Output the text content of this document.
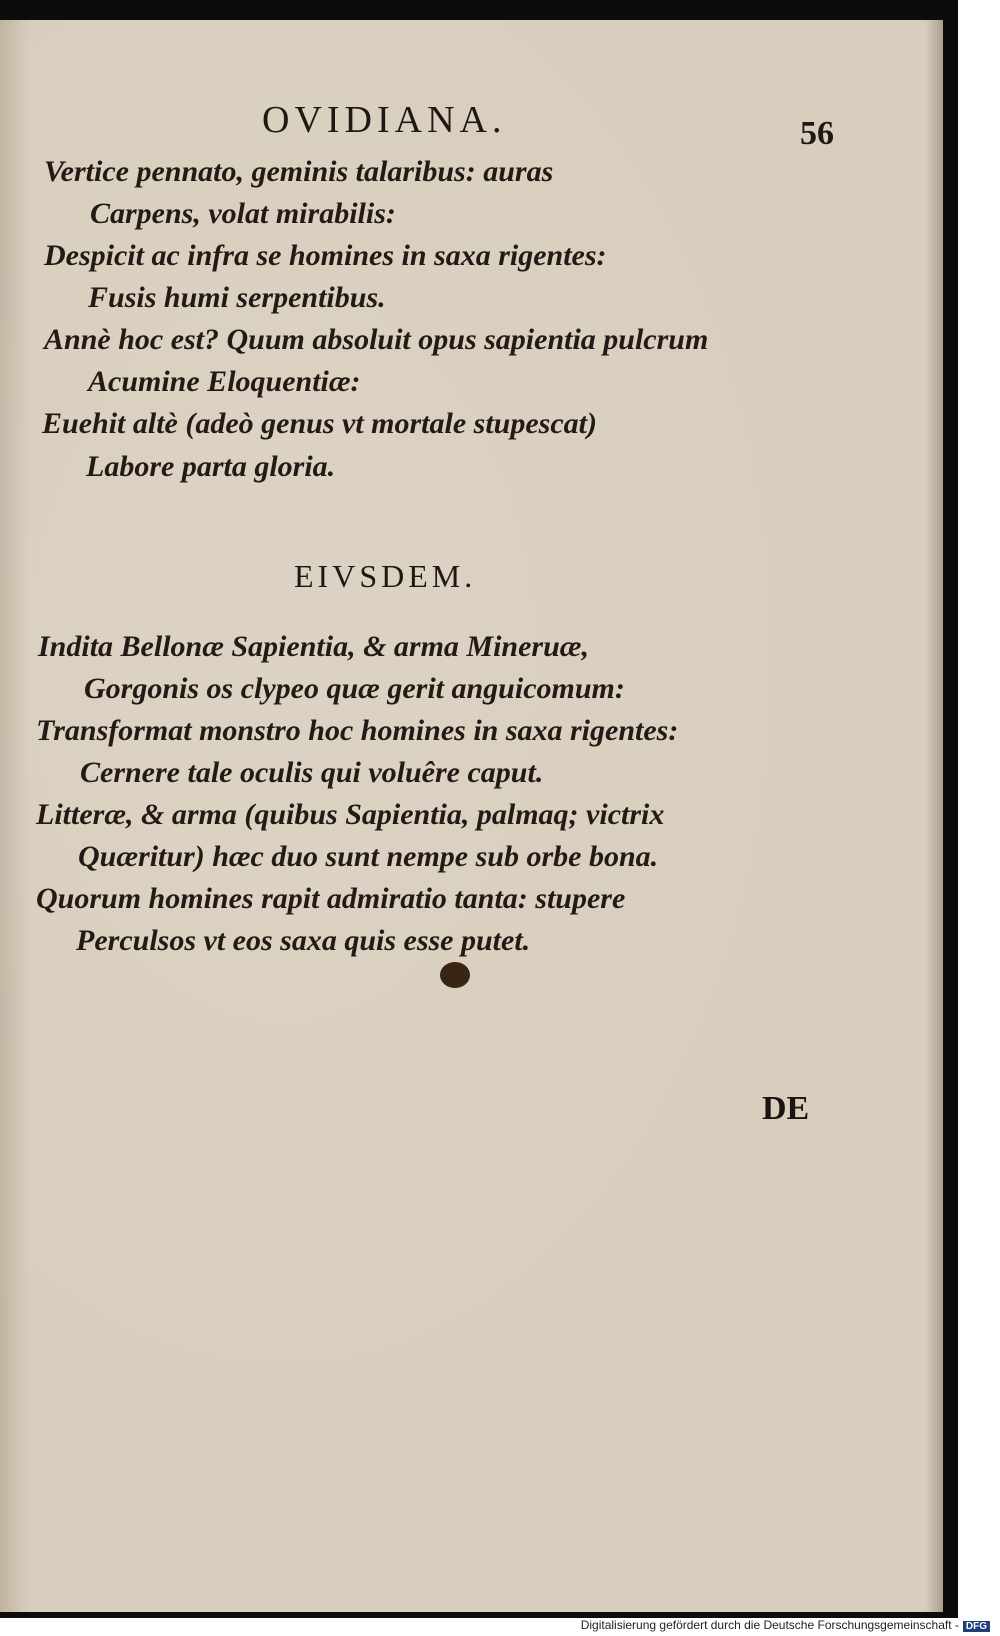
OVIDIANA.	56
Vertice pennato, geminis talaribus: auras
Carpens, volat mirabilis:
Despicit ac infra se homines in saxa rigentes:
Fusis humi serpentibus.
Annè hoc est? Quum absoluit opus sapientia pulcrum
Acumine Eloquentiæ:
Euehit altè (adeò genus vt mortale stupescat)
Labore parta gloria.
EIVSDEM.
Indita Bellonæ Sapientia, & arma Mineruæ,
Gorgonis os clypeo quæ gerit anguicomum:
Transformat monstro hoc homines in saxa rigentes:
Cernere tale oculis qui voluêre caput.
Litteræ, & arma (quibus Sapientia, palmaq; victrix
Quæritur) hæc duo sunt nempe sub orbe bona.
Quorum homines rapit admiratio tanta: stupere
Perculsos vt eos saxa quis esse putet.
DE
Digitalisierung gefördert durch die Deutsche Forschungsgemeinschaft - DFG
